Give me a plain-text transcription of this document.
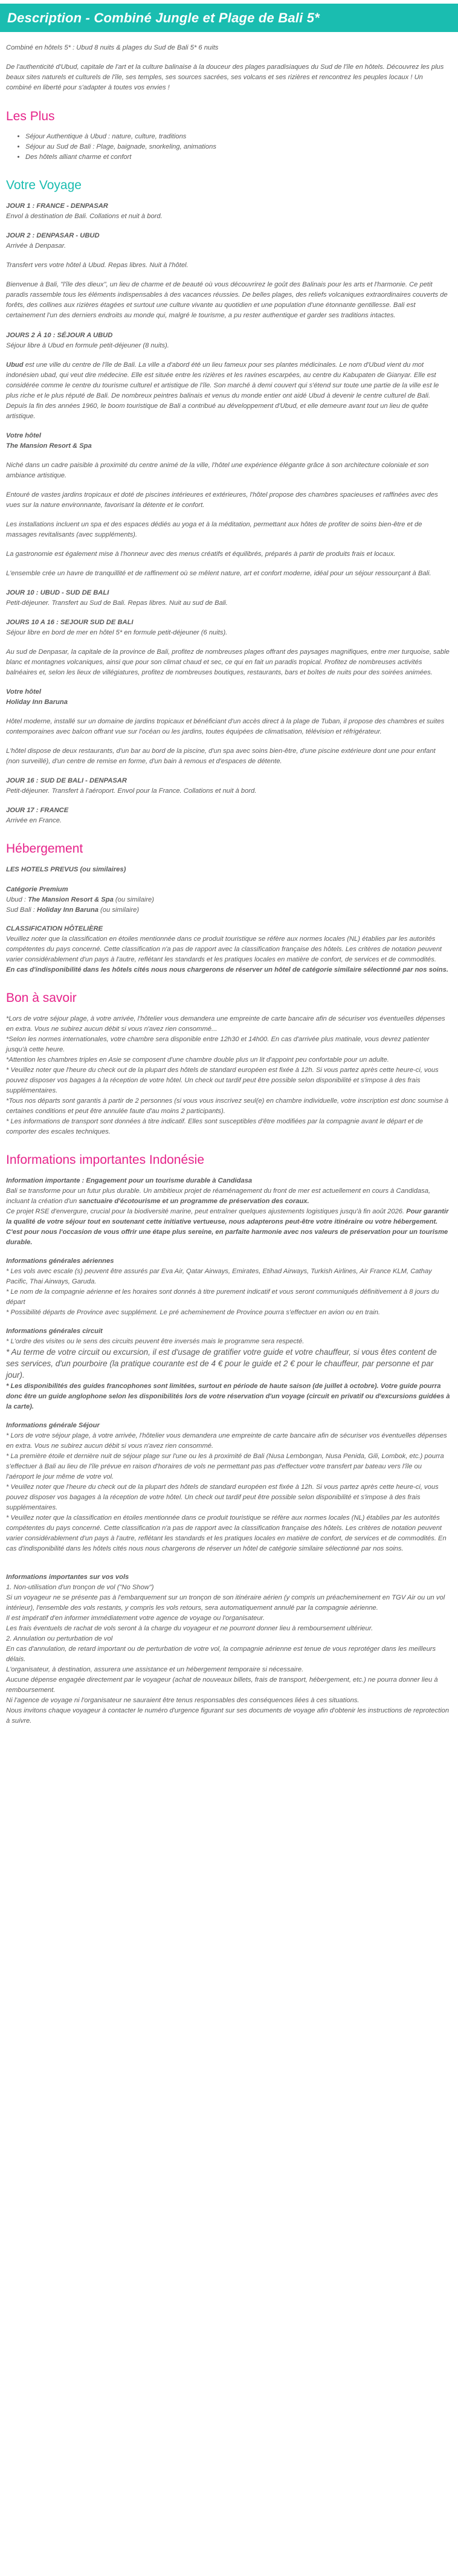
Description - Combiné Jungle et Plage de Bali 5*

Combiné en hôtels 5* : Ubud 8 nuits & plages du Sud de Bali 5* 6 nuits

De l'authenticité d'Ubud, capitale de l'art et la culture balinaise à la douceur des plages paradisiaques du Sud de l'île en hôtels. Découvrez les plus beaux sites naturels et culturels de l'île, ses temples, ses sources sacrées, ses volcans et ses rizières et rencontrez les peuples locaux ! Un combiné en liberté pour s'adapter à toutes vos envies !

Les Plus
• Séjour Authentique à Ubud : nature, culture, traditions
• Séjour au Sud de Bali : Plage, baignade, snorkeling, animations
• Des hôtels alliant charme et confort
Votre Voyage

JOUR 1 : FRANCE - DENPASAR
Envol à destination de Bali. Collations et nuit à bord.

JOUR 2 : DENPASAR - UBUD
Arrivée à Denpasar.

Transfert vers votre hôtel à Ubud. Repas libres. Nuit à l'hôtel.

Bienvenue à Bali, "l'île des dieux", un lieu de charme et de beauté où vous découvrirez le goût des Balinais pour les arts et l'harmonie. Ce petit paradis rassemble tous les éléments indispensables à des vacances réussies. De belles plages, des reliefs volcaniques extraordinaires couverts de forêts, des collines aux rizières étagées et surtout une culture vivante au quotidien et une population d'une étonnante gentillesse. Bali est certainement l'un des derniers endroits au monde qui, malgré le tourisme, a pu rester authentique et garder ses traditions intactes.

JOURS 2 À 10 : SÉJOUR A UBUD
Séjour libre à Ubud en formule petit-déjeuner (8 nuits).

Ubud est une ville du centre de l'île de Bali. La ville a d'abord été un lieu fameux pour ses plantes médicinales. Le nom d'Ubud vient du mot indonésien ubad, qui veut dire médecine. Elle est située entre les rizières et les ravines escarpées, au centre du Kabupaten de Gianyar. Elle est considérée comme le centre du tourisme culturel et artistique de l'île. Son marché à demi couvert qui s'étend sur toute une partie de la ville est le plus riche et le plus réputé de Bali. De nombreux peintres balinais et venus du monde entier ont aidé Ubud à devenir le centre culturel de Bali. Depuis la fin des années 1960, le boom touristique de Bali a contribué au développement d'Ubud, et elle demeure avant tout un lieu de quête artistique.

Votre hôtel
The Mansion Resort & Spa

Niché dans un cadre paisible à proximité du centre animé de la ville, l'hôtel une expérience élégante grâce à son architecture coloniale et son ambiance artistique.

Entouré de vastes jardins tropicaux et doté de piscines intérieures et extérieures, l'hôtel propose des chambres spacieuses et raffinées avec des vues sur la nature environnante, favorisant la détente et le confort.

Les installations incluent un spa et des espaces dédiés au yoga et à la méditation, permettant aux hôtes de profiter de soins bien-être et de massages revitalisants (avec suppléments).

La gastronomie est également mise à l'honneur avec des menus créatifs et équilibrés, préparés à partir de produits frais et locaux.

L'ensemble crée un havre de tranquillité et de raffinement où se mêlent nature, art et confort moderne, idéal pour un séjour ressourçant à Bali.

JOUR 10 : UBUD - SUD DE BALI
Petit-déjeuner. Transfert au Sud de Bali. Repas libres. Nuit au sud de Bali.

JOURS 10 A 16 : SEJOUR SUD DE BALI
Séjour libre en bord de mer en hôtel 5* en formule petit-déjeuner (6 nuits).

Au sud de Denpasar, la capitale de la province de Bali, profitez de nombreuses plages offrant des paysages magnifiques, entre mer turquoise, sable blanc et montagnes volcaniques, ainsi que pour son climat chaud et sec, ce qui en fait un paradis tropical. Profitez de nombreuses activités balnéaires et, selon les lieux de villégiatures, profitez de nombreuses boutiques, restaurants, bars et boîtes de nuits pour des soirées animées.

Votre hôtel
Holiday Inn Baruna

Hôtel moderne, installé sur un domaine de jardins tropicaux et bénéficiant d'un accès direct à la plage de Tuban, il propose des chambres et suites contemporaines avec balcon offrant vue sur l'océan ou les jardins, toutes équipées de climatisation, télévision et réfrigérateur.

L'hôtel dispose de deux restaurants, d'un bar au bord de la piscine, d'un spa avec soins bien-être, d'une piscine extérieure dont une pour enfant (non surveillé), d'un centre de remise en forme, d'un bain à remous et d'espaces de détente.

JOUR 16 : SUD DE BALI - DENPASAR
Petit-déjeuner. Transfert à l'aéroport. Envol pour la France. Collations et nuit à bord.

JOUR 17 : FRANCE
Arrivée en France.

Hébergement
LES HOTELS PREVUS (ou similaires)
Catégorie Premium
Ubud : The Mansion Resort & Spa (ou similaire)
Sud Bali : Holiday Inn Baruna (ou similaire)
CLASSIFICATION HÔTELIÈRE
Veuillez noter que la classification en étoiles mentionnée dans ce produit touristique se réfère aux normes locales (NL) établies par les autorités compétentes du pays concerné. Cette classification n'a pas de rapport avec la classification française des hôtels. Les critères de notation peuvent varier considérablement d'un pays à l'autre, reflétant les standards et les pratiques locales en matière de confort, de services et de commodités.
En cas d'indisponibilité dans les hôtels cités nous nous chargerons de réserver un hôtel de catégorie similaire sélectionné par nos soins.
Bon à savoir
*Lors de votre séjour plage, à votre arrivée, l'hôtelier vous demandera une empreinte de carte bancaire afin de sécuriser vos éventuelles dépenses en extra. Vous ne subirez aucun débit si vous n'avez rien consommé...
*Selon les normes internationales, votre chambre sera disponible entre 12h30 et 14h00. En cas d'arrivée plus matinale, vous devrez patienter jusqu'à cette heure.
*Attention les chambres triples en Asie se composent d'une chambre double plus un lit d'appoint peu confortable pour un adulte.
* Veuillez noter que l'heure du check out de la plupart des hôtels de standard européen est fixée à 12h. Si vous partez après cette heure-ci, vous pouvez disposer vos bagages à la réception de votre hôtel. Un check out tardif peut être possible selon disponibilité et s'impose à des frais supplémentaires.
*Tous nos départs sont garantis à partir de 2 personnes (si vous vous inscrivez seul(e) en chambre individuelle, votre inscription est donc soumise à certaines conditions et peut être annulée faute d'au moins 2 participants).
* Les informations de transport sont données à titre indicatif. Elles sont susceptibles d'être modifiées par la compagnie avant le départ et de comporter des escales techniques.
Informations importantes Indonésie
Information importante : Engagement pour un tourisme durable à Candidasa
Bali se transforme pour un futur plus durable. Un ambitieux projet de réaménagement du front de mer est actuellement en cours à Candidasa, incluant la création d'un sanctuaire d'écotourisme et un programme de préservation des coraux.
Ce projet RSE d'envergure, crucial pour la biodiversité marine, peut entraîner quelques ajustements logistiques jusqu'à fin août 2026. Pour garantir la qualité de votre séjour tout en soutenant cette initiative vertueuse, nous adapterons peut-être votre itinéraire ou votre hébergement. C'est pour nous l'occasion de vous offrir une étape plus sereine, en parfaite harmonie avec nos valeurs de préservation pour un tourisme durable.
Informations générales aériennes
* Les vols avec escale (s) peuvent être assurés par Eva Air, Qatar Airways, Emirates, Etihad Airways, Turkish Airlines, Air France KLM, Cathay Pacific, Thai Airways, Garuda.
* Le nom de la compagnie aérienne et les horaires sont donnés à titre purement indicatif et vous seront communiqués définitivement à 8 jours du départ
* Possibilité départs de Province avec supplément. Le pré acheminement de Province pourra s'effectuer en avion ou en train.
Informations générales circuit
* L'ordre des visites ou le sens des circuits peuvent être inversés mais le programme sera respecté.
* Au terme de votre circuit ou excursion, il est d'usage de gratifier votre guide et votre chauffeur, si vous êtes content de ses services, d'un pourboire (la pratique courante est de 4 € pour le guide et 2 € pour le chauffeur, par personne et par jour).
* Les disponibilités des guides francophones sont limitées, surtout en période de haute saison (de juillet à octobre). Votre guide pourra donc être un guide anglophone selon les disponibilités lors de votre réservation d'un voyage (circuit en privatif ou d'excursions guidées à la carte).
Informations générale Séjour
* Lors de votre séjour plage, à votre arrivée, l'hôtelier vous demandera une empreinte de carte bancaire afin de sécuriser vos éventuelles dépenses en extra. Vous ne subirez aucun débit si vous n'avez rien consommé.
* La première étoile et dernière nuit de séjour plage sur l'une ou les à proximité de Bali (Nusa Lembongan, Nusa Penida, Gili, Lombok, etc.) pourra s'effectuer à Bali au lieu de l'île prévue en raison d'horaires de vols ne permettant pas pas d'effectuer votre transfert par bateau vers l'île ou l'aéroport le jour même de votre vol.
* Veuillez noter que l'heure du check out de la plupart des hôtels de standard européen est fixée à 12h. Si vous partez après cette heure-ci, vous pouvez disposer vos bagages à la réception de votre hôtel. Un check out tardif peut être possible selon disponibilité et s'impose à des frais supplémentaires.
* Veuillez noter que la classification en étoiles mentionnée dans ce produit touristique se réfère aux normes locales (NL) établies par les autorités compétentes du pays concerné. Cette classification n'a pas de rapport avec la classification française des hôtels. Les critères de notation peuvent varier considérablement d'un pays à l'autre, reflétant les standards et les pratiques locales en matière de confort, de services et de commodités. En cas d'indisponibilité dans les hôtels cités nous nous chargerons de réserver un hôtel de catégorie similaire sélectionné par nos soins.
Informations importantes sur vos vols
1. Non-utilisation d'un tronçon de vol ("No Show")
Si un voyageur ne se présente pas à l'embarquement sur un tronçon de son itinéraire aérien (y compris un préacheminement en TGV Air ou un vol intérieur), l'ensemble des vols restants, y compris les vols retours, sera automatiquement annulé par la compagnie aérienne.
Il est impératif d'en informer immédiatement votre agence de voyage ou l'organisateur.
Les frais éventuels de rachat de vols seront à la charge du voyageur et ne pourront donner lieu à remboursement ultérieur.
2. Annulation ou perturbation de vol
En cas d'annulation, de retard important ou de perturbation de votre vol, la compagnie aérienne est tenue de vous reprotéger dans les meilleurs délais.
L'organisateur, à destination, assurera une assistance et un hébergement temporaire si nécessaire.
Aucune dépense engagée directement par le voyageur (achat de nouveaux billets, frais de transport, hébergement, etc.) ne pourra donner lieu à remboursement.
Ni l'agence de voyage ni l'organisateur ne sauraient être tenus responsables des conséquences liées à ces situations.
Nous invitons chaque voyageur à contacter le numéro d'urgence figurant sur ses documents de voyage afin d'obtenir les instructions de reprotection à suivre.
